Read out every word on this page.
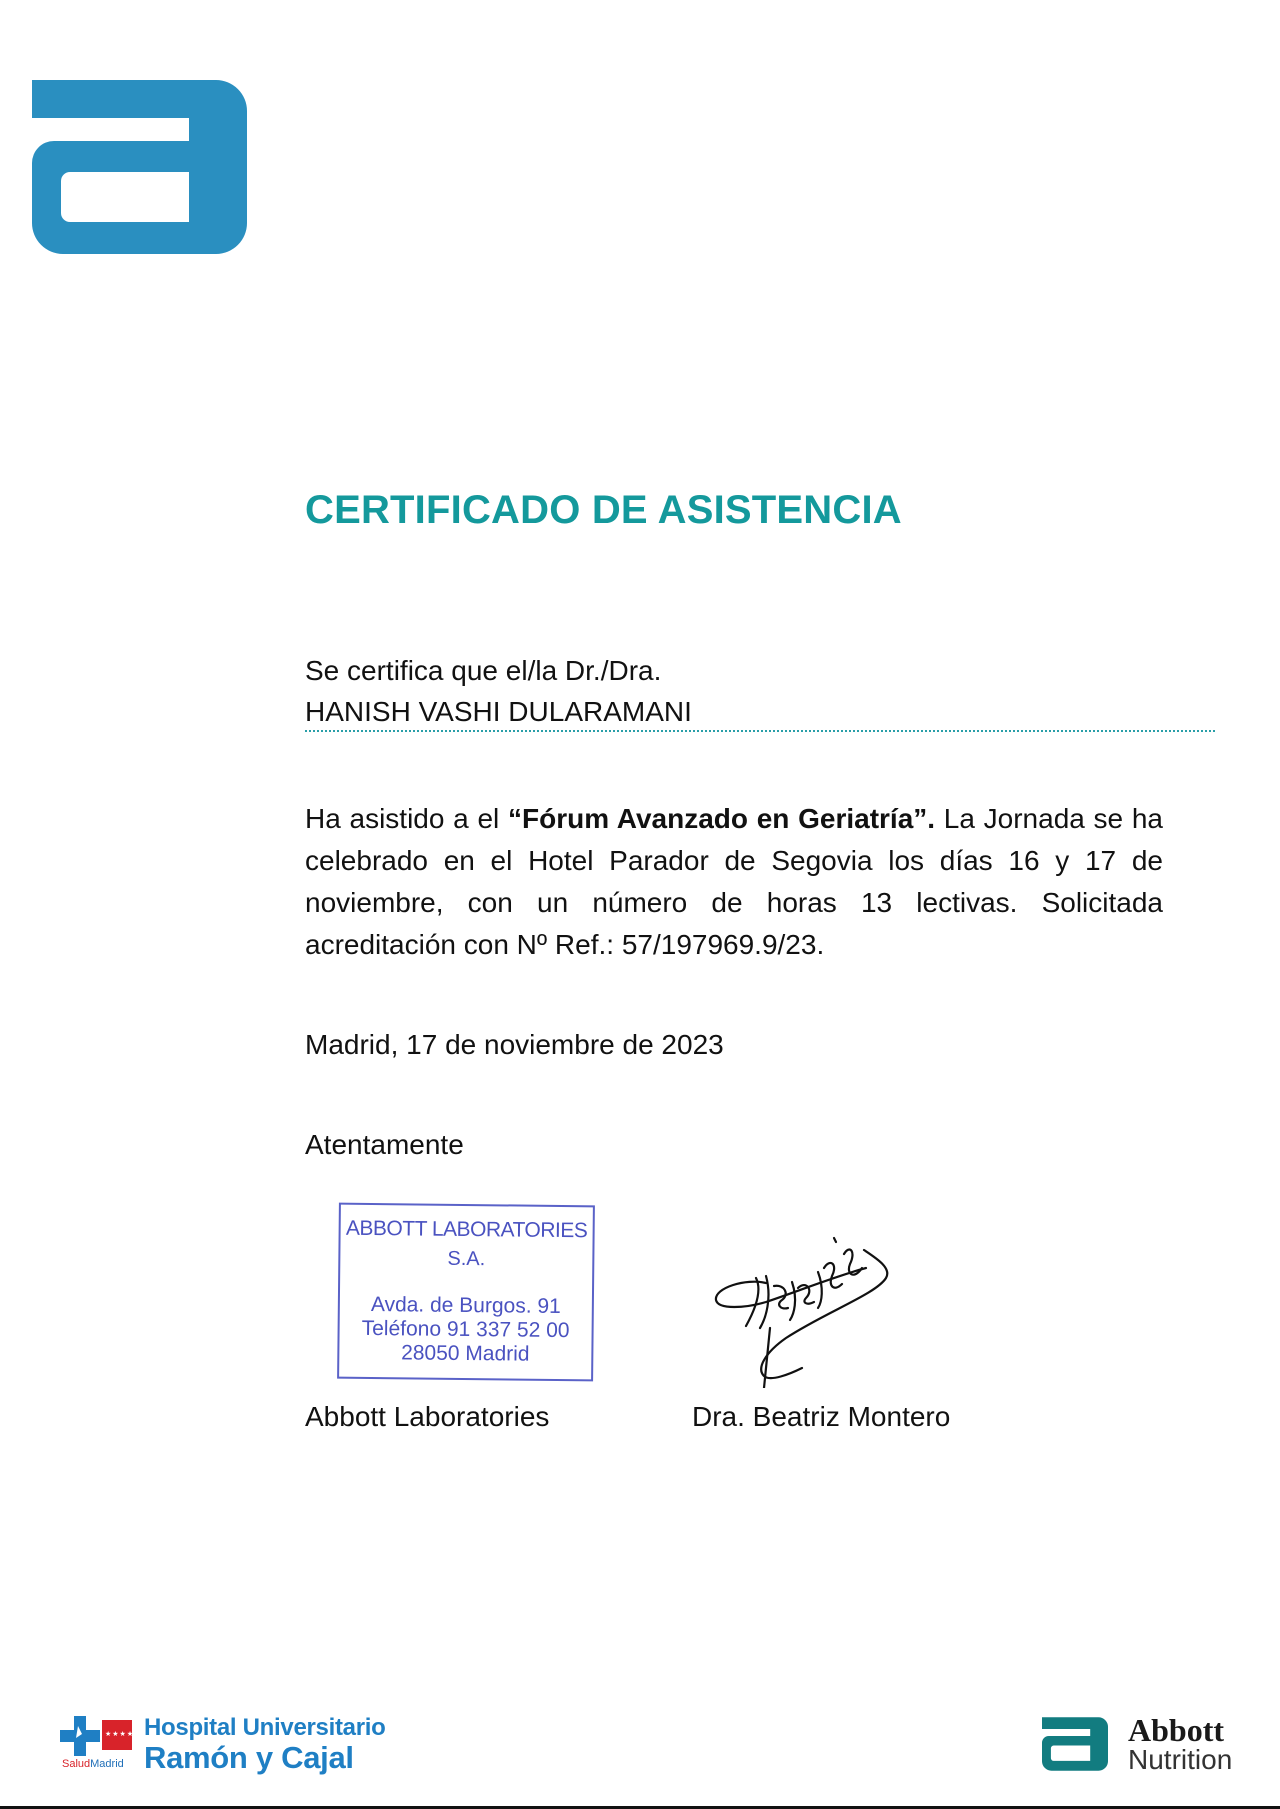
CERTIFICADO DE ASISTENCIA
Se certifica que el/la Dr./Dra.
HANISH VASHI DULARAMANI
Ha asistido a el “Fórum Avanzado en Geriatría”. La Jornada se ha celebrado en el Hotel Parador de Segovia los días 16 y 17 de noviembre, con un número de horas 13 lectivas. Solicitada acreditación con Nº Ref.: 57/197969.9/23.
Madrid, 17 de noviembre de 2023
Atentamente
ABBOTT LABORATORIES
S.A.
Avda. de Burgos. 91
Teléfono 91 337 52 00
28050 Madrid
Abbott Laboratories	Dra. Beatriz Montero
★★★★
SaludMadrid
Hospital Universitario
Ramón y Cajal
Abbott
Nutrition
